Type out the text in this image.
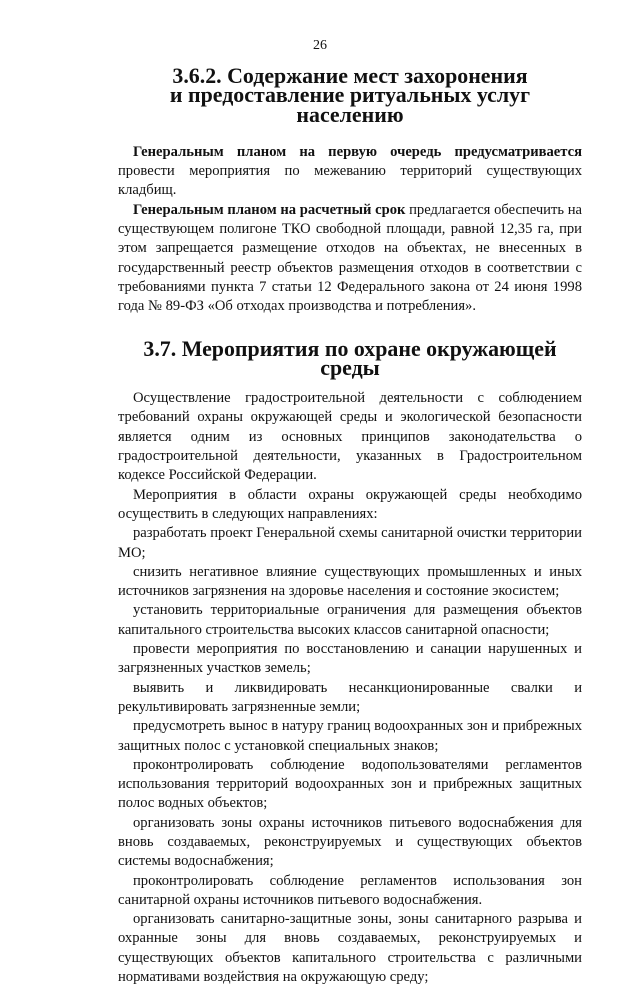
26
3.6.2. Содержание мест захоронения
и предоставление ритуальных услуг населению

Генеральным планом на первую очередь предусматривается провести мероприятия по межеванию территорий существующих кладбищ.

Генеральным планом на расчетный срок предлагается обеспечить на существующем полигоне ТКО свободной площади, равной 12,35 га, при этом запрещается размещение отходов на объектах, не внесенных в государственный реестр объектов размещения отходов в соответствии с требованиями пункта 7 статьи 12 Федерального закона от 24 июня 1998 года № 89-ФЗ «Об отходах производства и потребления».

3.7. Мероприятия по охране окружающей среды

Осуществление градостроительной деятельности с соблюдением требований охраны окружающей среды и экологической безопасности является одним из основных принципов законодательства о градостроительной деятельности, указанных в Градостроительном кодексе Российской Федерации.

Мероприятия в области охраны окружающей среды необходимо осуществить в следующих направлениях:

разработать проект Генеральной схемы санитарной очистки территории МО;

снизить негативное влияние существующих промышленных и иных источников загрязнения на здоровье населения и состояние экосистем;

установить территориальные ограничения для размещения объектов капитального строительства высоких классов санитарной опасности;

провести мероприятия по восстановлению и санации нарушенных и загрязненных участков земель;

выявить и ликвидировать несанкционированные свалки и рекультивировать загрязненные земли;

предусмотреть вынос в натуру границ водоохранных зон и прибрежных защитных полос с установкой специальных знаков;

проконтролировать соблюдение водопользователями регламентов использования территорий водоохранных зон и прибрежных защитных полос водных объектов;

организовать зоны охраны источников питьевого водоснабжения для вновь создаваемых, реконструируемых и существующих объектов системы водоснабжения;

проконтролировать соблюдение регламентов использования зон санитарной охраны источников питьевого водоснабжения.

организовать санитарно-защитные зоны, зоны санитарного разрыва и охранные зоны для вновь создаваемых, реконструируемых и существующих объектов капитального строительства с различными нормативами воздействия на окружающую среду;
